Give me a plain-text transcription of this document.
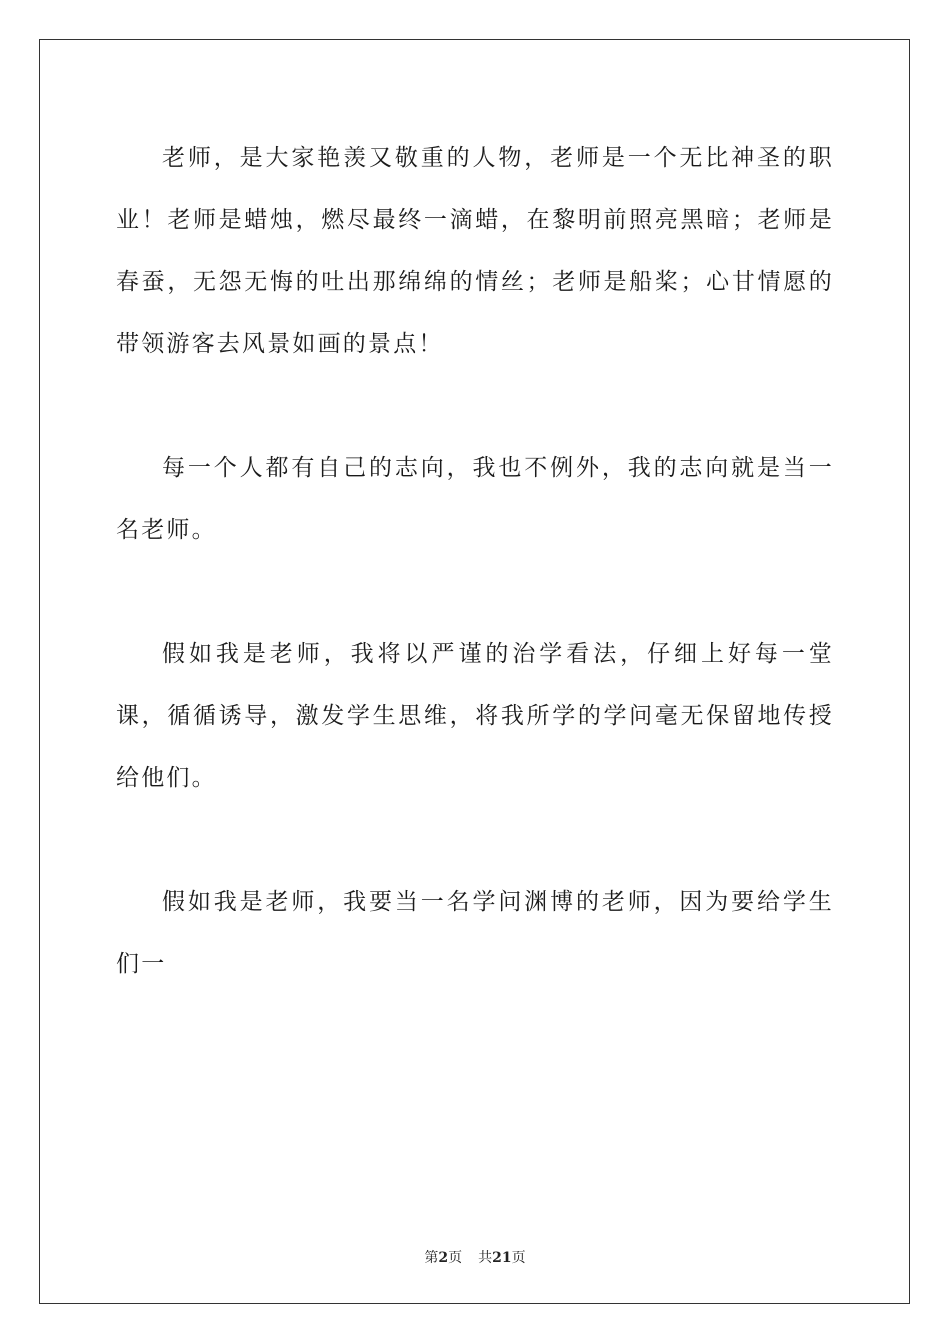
老师，是大家艳羡又敬重的人物，老师是一个无比神圣的职业！老师是蜡烛，燃尽最终一滴蜡，在黎明前照亮黑暗；老师是春蚕，无怨无悔的吐出那绵绵的情丝；老师是船桨；心甘情愿的带领游客去风景如画的景点！

每一个人都有自己的志向，我也不例外，我的志向就是当一名老师。

假如我是老师，我将以严谨的治学看法，仔细上好每一堂课，循循诱导，激发学生思维，将我所学的学问毫无保留地传授给他们。

假如我是老师，我要当一名学问渊博的老师，因为要给学生们一

第2页 共21页
